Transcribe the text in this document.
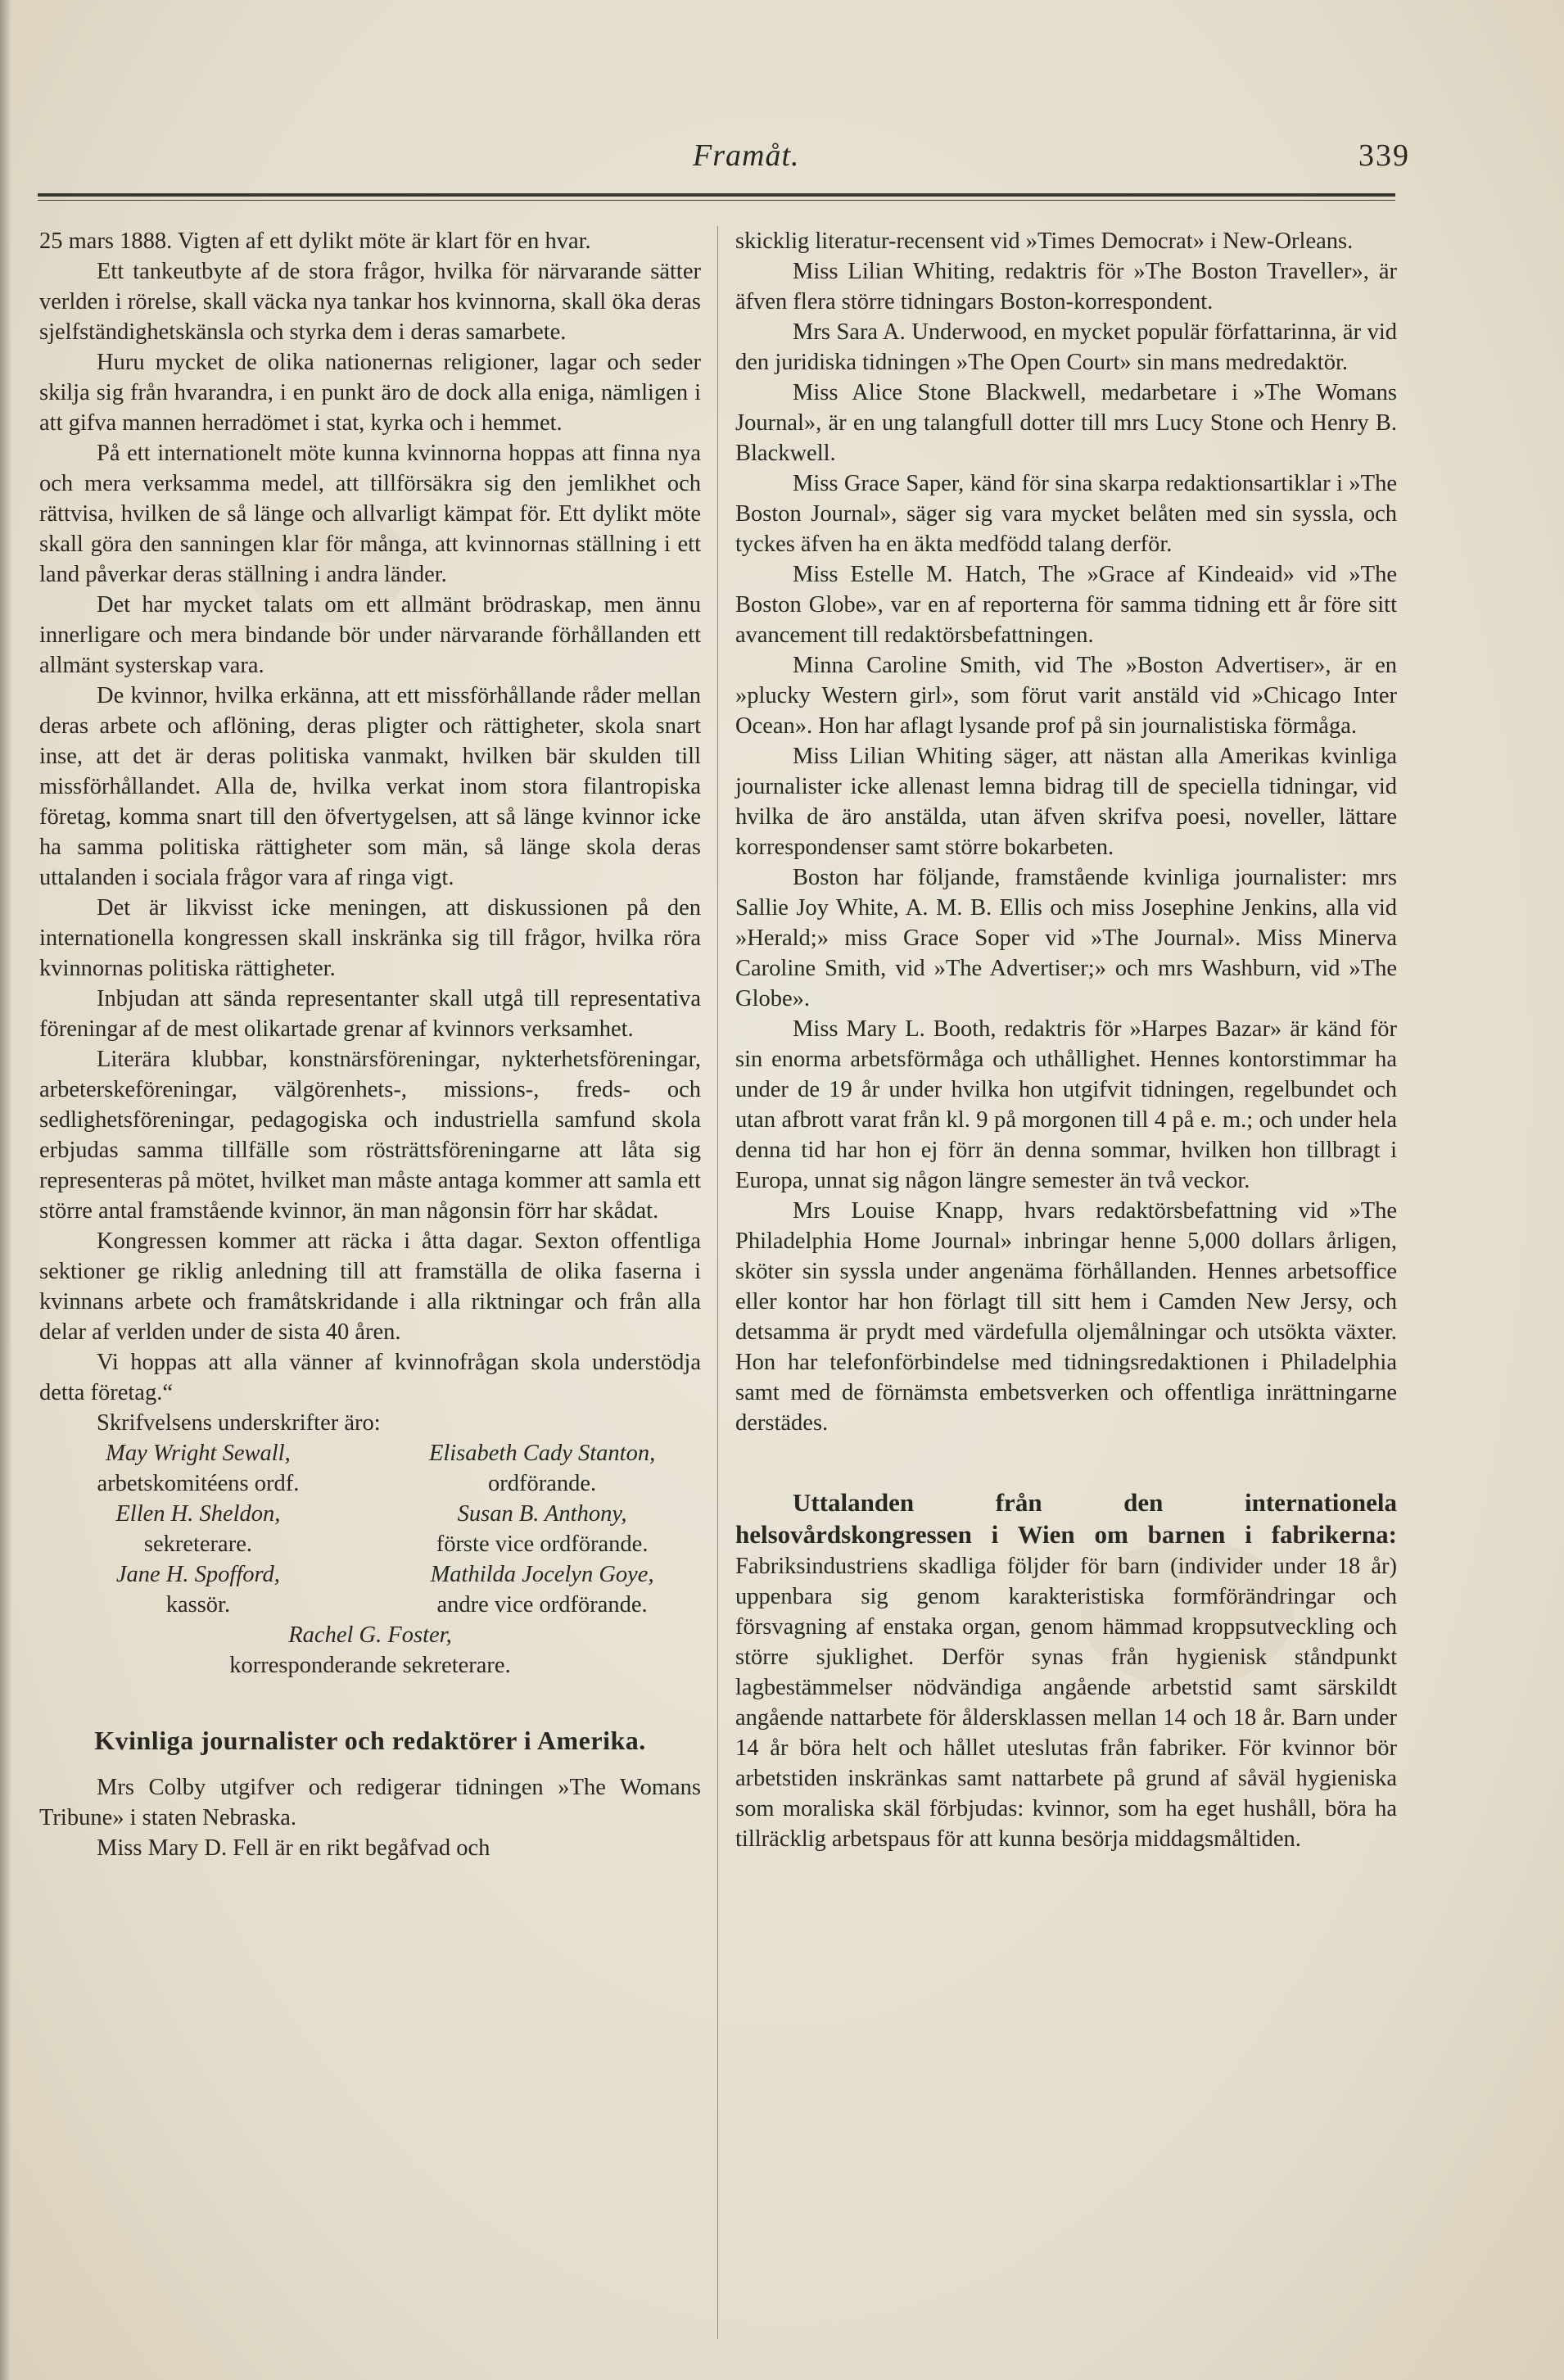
Framåt.	339

25 mars 1888. Vigten af ett dylikt möte är klart för en hvar.

Ett tankeutbyte af de stora frågor, hvilka för närvarande sätter verlden i rörelse, skall väcka nya tankar hos kvinnorna, skall öka deras sjelfständighetskänsla och styrka dem i deras samarbete.

Huru mycket de olika nationernas religioner, lagar och seder skilja sig från hvarandra, i en punkt äro de dock alla eniga, nämligen i att gifva mannen herradömet i stat, kyrka och i hemmet.

På ett internationelt möte kunna kvinnorna hoppas att finna nya och mera verksamma medel, att tillförsäkra sig den jemlikhet och rättvisa, hvilken de så länge och allvarligt kämpat för. Ett dylikt möte skall göra den sanningen klar för många, att kvinnornas ställning i ett land påverkar deras ställning i andra länder.

Det har mycket talats om ett allmänt brödraskap, men ännu innerligare och mera bindande bör under närvarande förhållanden ett allmänt systerskap vara.

De kvinnor, hvilka erkänna, att ett missförhållande råder mellan deras arbete och aflöning, deras pligter och rättigheter, skola snart inse, att det är deras politiska vanmakt, hvilken bär skulden till missförhållandet. Alla de, hvilka verkat inom stora filantropiska företag, komma snart till den öfvertygelsen, att så länge kvinnor icke ha samma politiska rättigheter som män, så länge skola deras uttalanden i sociala frågor vara af ringa vigt.

Det är likvisst icke meningen, att diskussionen på den internationella kongressen skall inskränka sig till frågor, hvilka röra kvinnornas politiska rättigheter.

Inbjudan att sända representanter skall utgå till representativa föreningar af de mest olikartade grenar af kvinnors verksamhet.

Literära klubbar, konstnärsföreningar, nykterhetsföreningar, arbeterskeföreningar, välgörenhets-, missions-, freds- och sedlighetsföreningar, pedagogiska och industriella samfund skola erbjudas samma tillfälle som rösträttsföreningarne att låta sig representeras på mötet, hvilket man måste antaga kommer att samla ett större antal framstående kvinnor, än man någonsin förr har skådat.

Kongressen kommer att räcka i åtta dagar. Sexton offentliga sektioner ge riklig anledning till att framställa de olika faserna i kvinnans arbete och framåtskridande i alla riktningar och från alla delar af verlden under de sista 40 åren.

Vi hoppas att alla vänner af kvinnofrågan skola understödja detta företag.“

Skrifvelsens underskrifter äro:

May Wright Sewall,
arbetskomitéens ordf.
Elisabeth Cady Stanton,
ordförande.
Ellen H. Sheldon,
sekreterare.
Susan B. Anthony,
förste vice ordförande.
Jane H. Spofford,
kassör.
Mathilda Jocelyn Goye,
andre vice ordförande.
Rachel G. Foster,
korresponderande sekreterare.
Kvinliga journalister och redaktörer i Amerika.

Mrs Colby utgifver och redigerar tidningen »The Womans Tribune» i staten Nebraska.

Miss Mary D. Fell är en rikt begåfvad och

skicklig literatur-recensent vid »Times Democrat» i New-Orleans.

Miss Lilian Whiting, redaktris för »The Boston Traveller», är äfven flera större tidningars Boston-korrespondent.

Mrs Sara A. Underwood, en mycket populär författarinna, är vid den juridiska tidningen »The Open Court» sin mans medredaktör.

Miss Alice Stone Blackwell, medarbetare i »The Womans Journal», är en ung talangfull dotter till mrs Lucy Stone och Henry B. Blackwell.

Miss Grace Saper, känd för sina skarpa redaktionsartiklar i »The Boston Journal», säger sig vara mycket belåten med sin syssla, och tyckes äfven ha en äkta medfödd talang derför.

Miss Estelle M. Hatch, The »Grace af Kindeaid» vid »The Boston Globe», var en af reporterna för samma tidning ett år före sitt avancement till redaktörsbefattningen.

Minna Caroline Smith, vid The »Boston Advertiser», är en »plucky Western girl», som förut varit anstäld vid »Chicago Inter Ocean». Hon har aflagt lysande prof på sin journalistiska förmåga.

Miss Lilian Whiting säger, att nästan alla Amerikas kvinliga journalister icke allenast lemna bidrag till de speciella tidningar, vid hvilka de äro anstälda, utan äfven skrifva poesi, noveller, lättare korrespondenser samt större bokarbeten.

Boston har följande, framstående kvinliga journalister: mrs Sallie Joy White, A. M. B. Ellis och miss Josephine Jenkins, alla vid »Herald;» miss Grace Soper vid »The Journal». Miss Minerva Caroline Smith, vid »The Advertiser;» och mrs Washburn, vid »The Globe».

Miss Mary L. Booth, redaktris för »Harpes Bazar» är känd för sin enorma arbetsförmåga och uthållighet. Hennes kontorstimmar ha under de 19 år under hvilka hon utgifvit tidningen, regelbundet och utan afbrott varat från kl. 9 på morgonen till 4 på e. m.; och under hela denna tid har hon ej förr än denna sommar, hvilken hon tillbragt i Europa, unnat sig någon längre semester än två veckor.

Mrs Louise Knapp, hvars redaktörsbefattning vid »The Philadelphia Home Journal» inbringar henne 5,000 dollars årligen, sköter sin syssla under angenäma förhållanden. Hennes arbetsoffice eller kontor har hon förlagt till sitt hem i Camden New Jersy, och detsamma är prydt med värdefulla oljemålningar och utsökta växter. Hon har telefonförbindelse med tidningsredaktionen i Philadelphia samt med de förnämsta embetsverken och offentliga inrättningarne derstädes.

Uttalanden från den internationela helsovårdskongressen i Wien om barnen i fabrikerna: Fabriksindustriens skadliga följder för barn (individer under 18 år) uppenbara sig genom karakteristiska formförändringar och försvagning af enstaka organ, genom hämmad kroppsutveckling och större sjuklighet. Derför synas från hygienisk ståndpunkt lagbestämmelser nödvändiga angående arbetstid samt särskildt angående nattarbete för åldersklassen mellan 14 och 18 år. Barn under 14 år böra helt och hållet uteslutas från fabriker. För kvinnor bör arbetstiden inskränkas samt nattarbete på grund af såväl hygieniska som moraliska skäl förbjudas: kvinnor, som ha eget hushåll, böra ha tillräcklig arbetspaus för att kunna besörja middagsmåltiden.
